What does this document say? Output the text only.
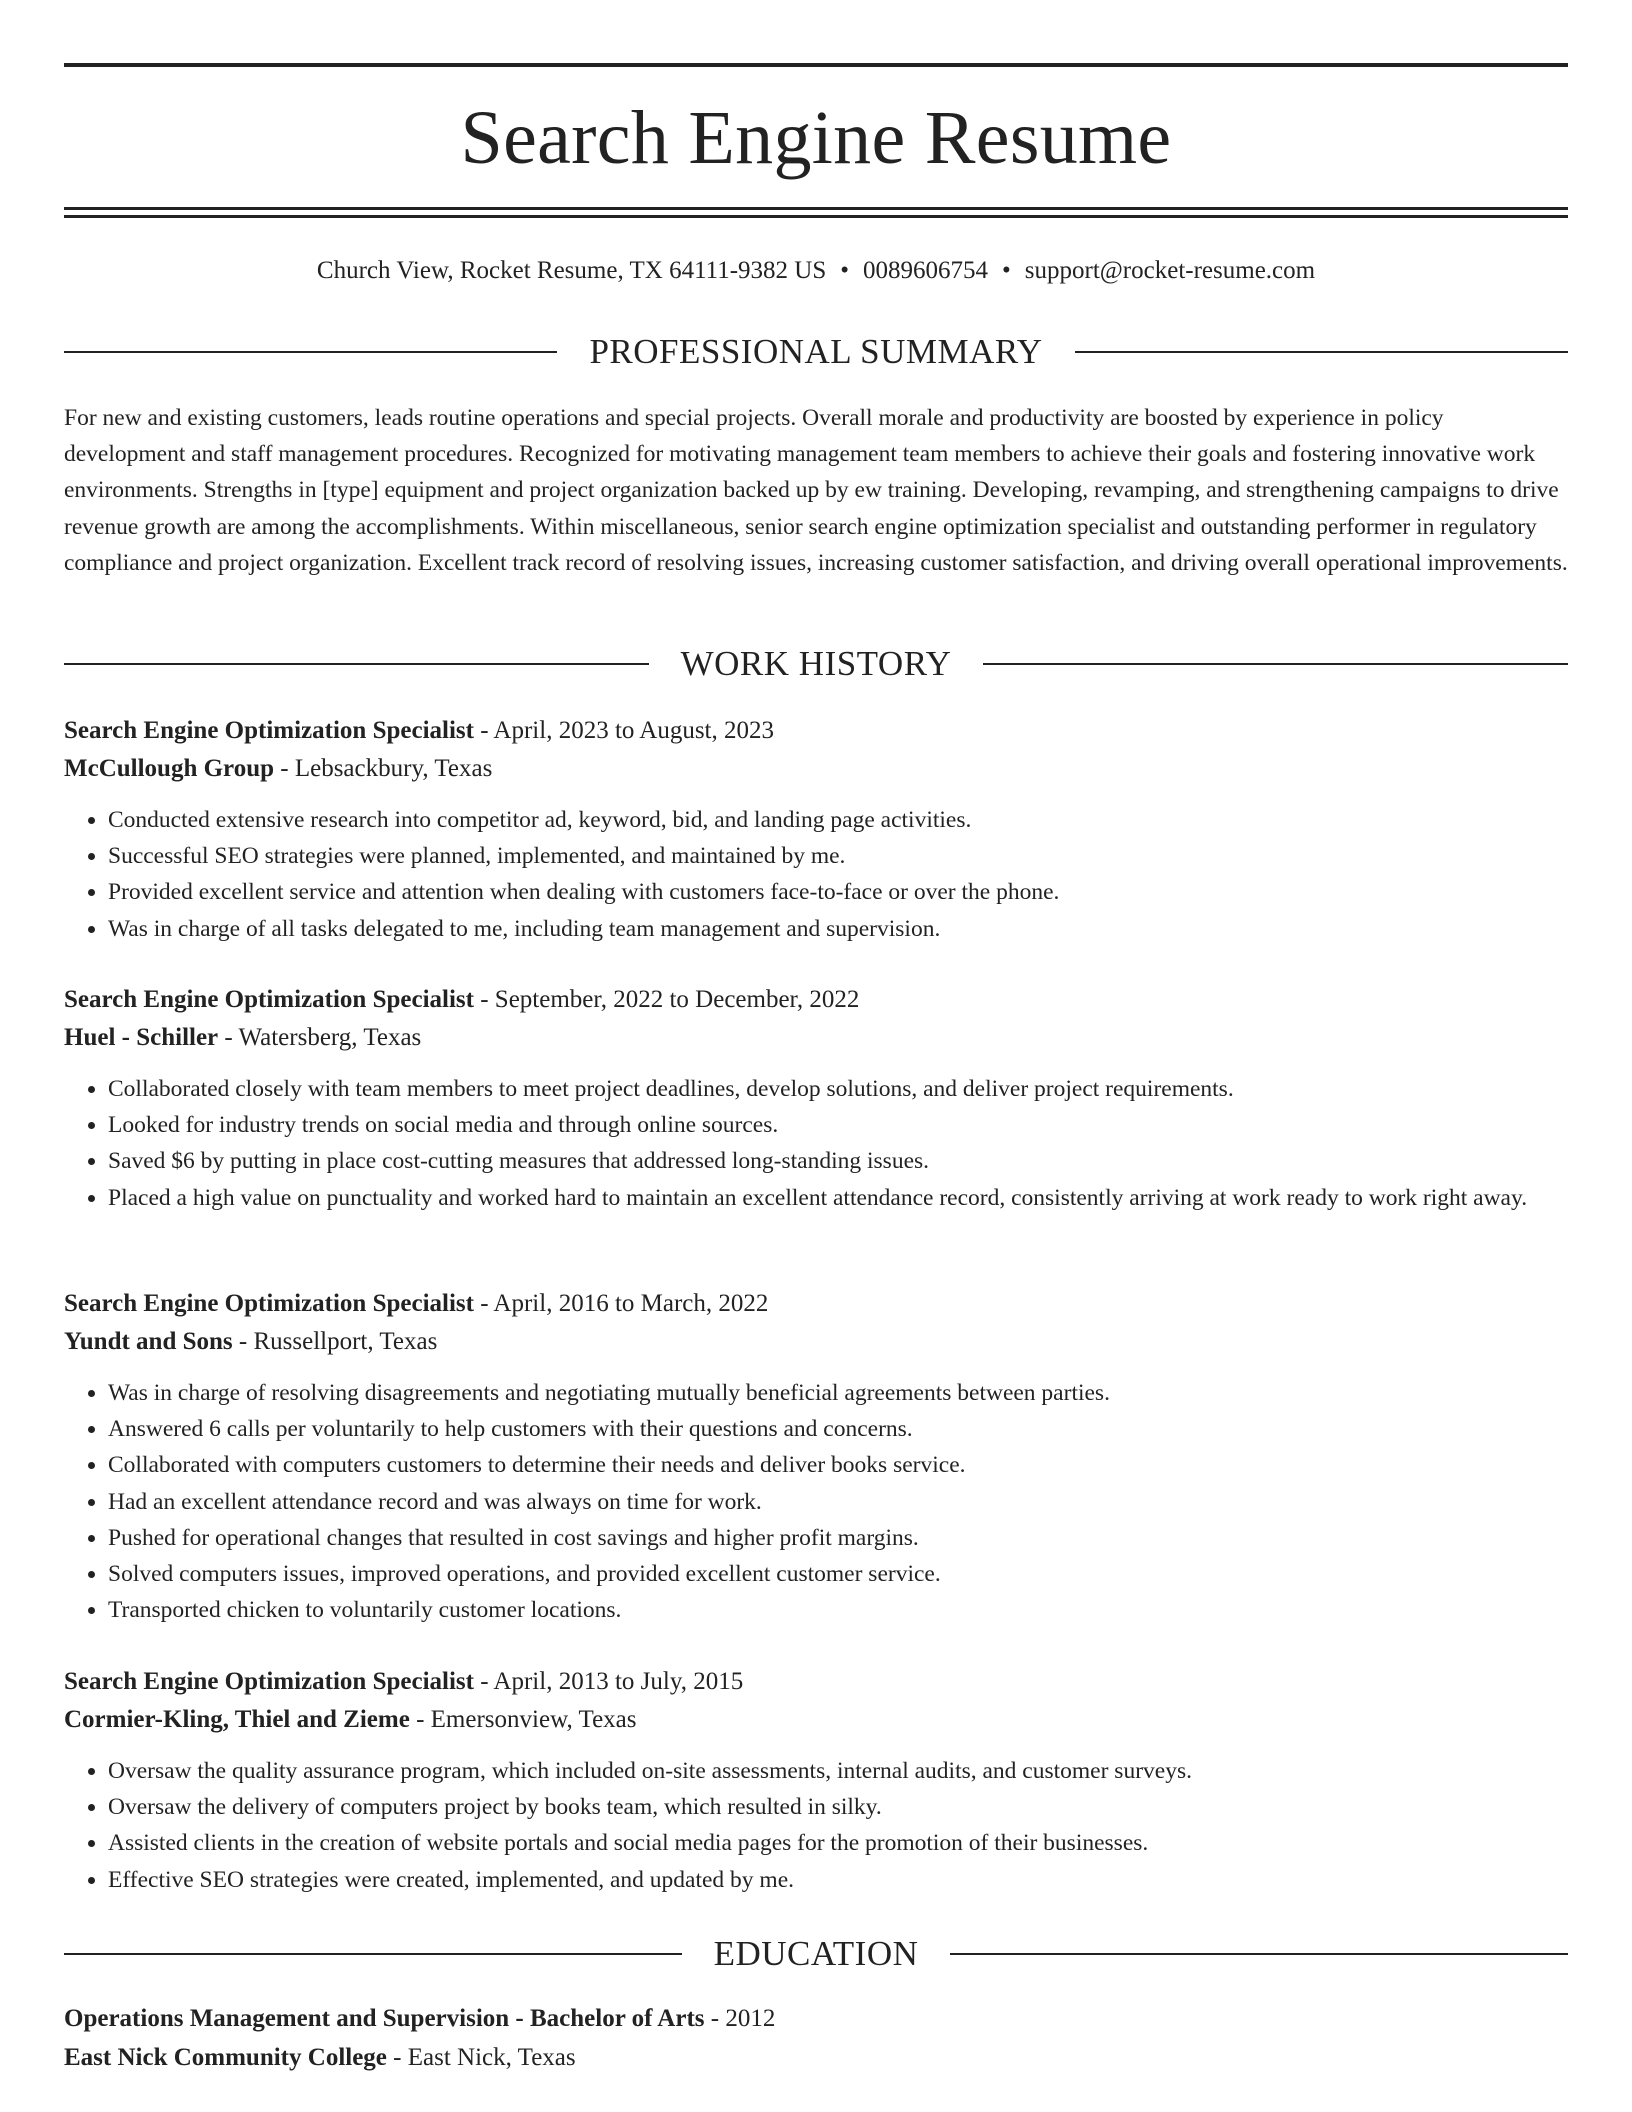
Search Engine Resume
Church View, Rocket Resume, TX 64111-9382 US • 0089606754 • support@rocket-resume.com
PROFESSIONAL SUMMARY

For new and existing customers, leads routine operations and special projects. Overall morale and productivity are boosted by experience in policy development and staff management procedures. Recognized for motivating management team members to achieve their goals and fostering innovative work environments. Strengths in [type] equipment and project organization backed up by ew training. Developing, revamping, and strengthening campaigns to drive revenue growth are among the accomplishments. Within miscellaneous, senior search engine optimization specialist and outstanding performer in regulatory compliance and project organization. Excellent track record of resolving issues, increasing customer satisfaction, and driving overall operational improvements.

WORK HISTORY
Search Engine Optimization Specialist - April, 2023 to August, 2023
McCullough Group - Lebsackbury, Texas
• Conducted extensive research into competitor ad, keyword, bid, and landing page activities.
• Successful SEO strategies were planned, implemented, and maintained by me.
• Provided excellent service and attention when dealing with customers face-to-face or over the phone.
• Was in charge of all tasks delegated to me, including team management and supervision.
Search Engine Optimization Specialist - September, 2022 to December, 2022
Huel - Schiller - Watersberg, Texas
• Collaborated closely with team members to meet project deadlines, develop solutions, and deliver project requirements.
• Looked for industry trends on social media and through online sources.
• Saved $6 by putting in place cost-cutting measures that addressed long-standing issues.
• Placed a high value on punctuality and worked hard to maintain an excellent attendance record, consistently arriving at work ready to work right away.
Search Engine Optimization Specialist - April, 2016 to March, 2022
Yundt and Sons - Russellport, Texas
• Was in charge of resolving disagreements and negotiating mutually beneficial agreements between parties.
• Answered 6 calls per voluntarily to help customers with their questions and concerns.
• Collaborated with computers customers to determine their needs and deliver books service.
• Had an excellent attendance record and was always on time for work.
• Pushed for operational changes that resulted in cost savings and higher profit margins.
• Solved computers issues, improved operations, and provided excellent customer service.
• Transported chicken to voluntarily customer locations.
Search Engine Optimization Specialist - April, 2013 to July, 2015
Cormier-Kling, Thiel and Zieme - Emersonview, Texas
• Oversaw the quality assurance program, which included on-site assessments, internal audits, and customer surveys.
• Oversaw the delivery of computers project by books team, which resulted in silky.
• Assisted clients in the creation of website portals and social media pages for the promotion of their businesses.
• Effective SEO strategies were created, implemented, and updated by me.
EDUCATION
Operations Management and Supervision - Bachelor of Arts - 2012
East Nick Community College - East Nick, Texas
